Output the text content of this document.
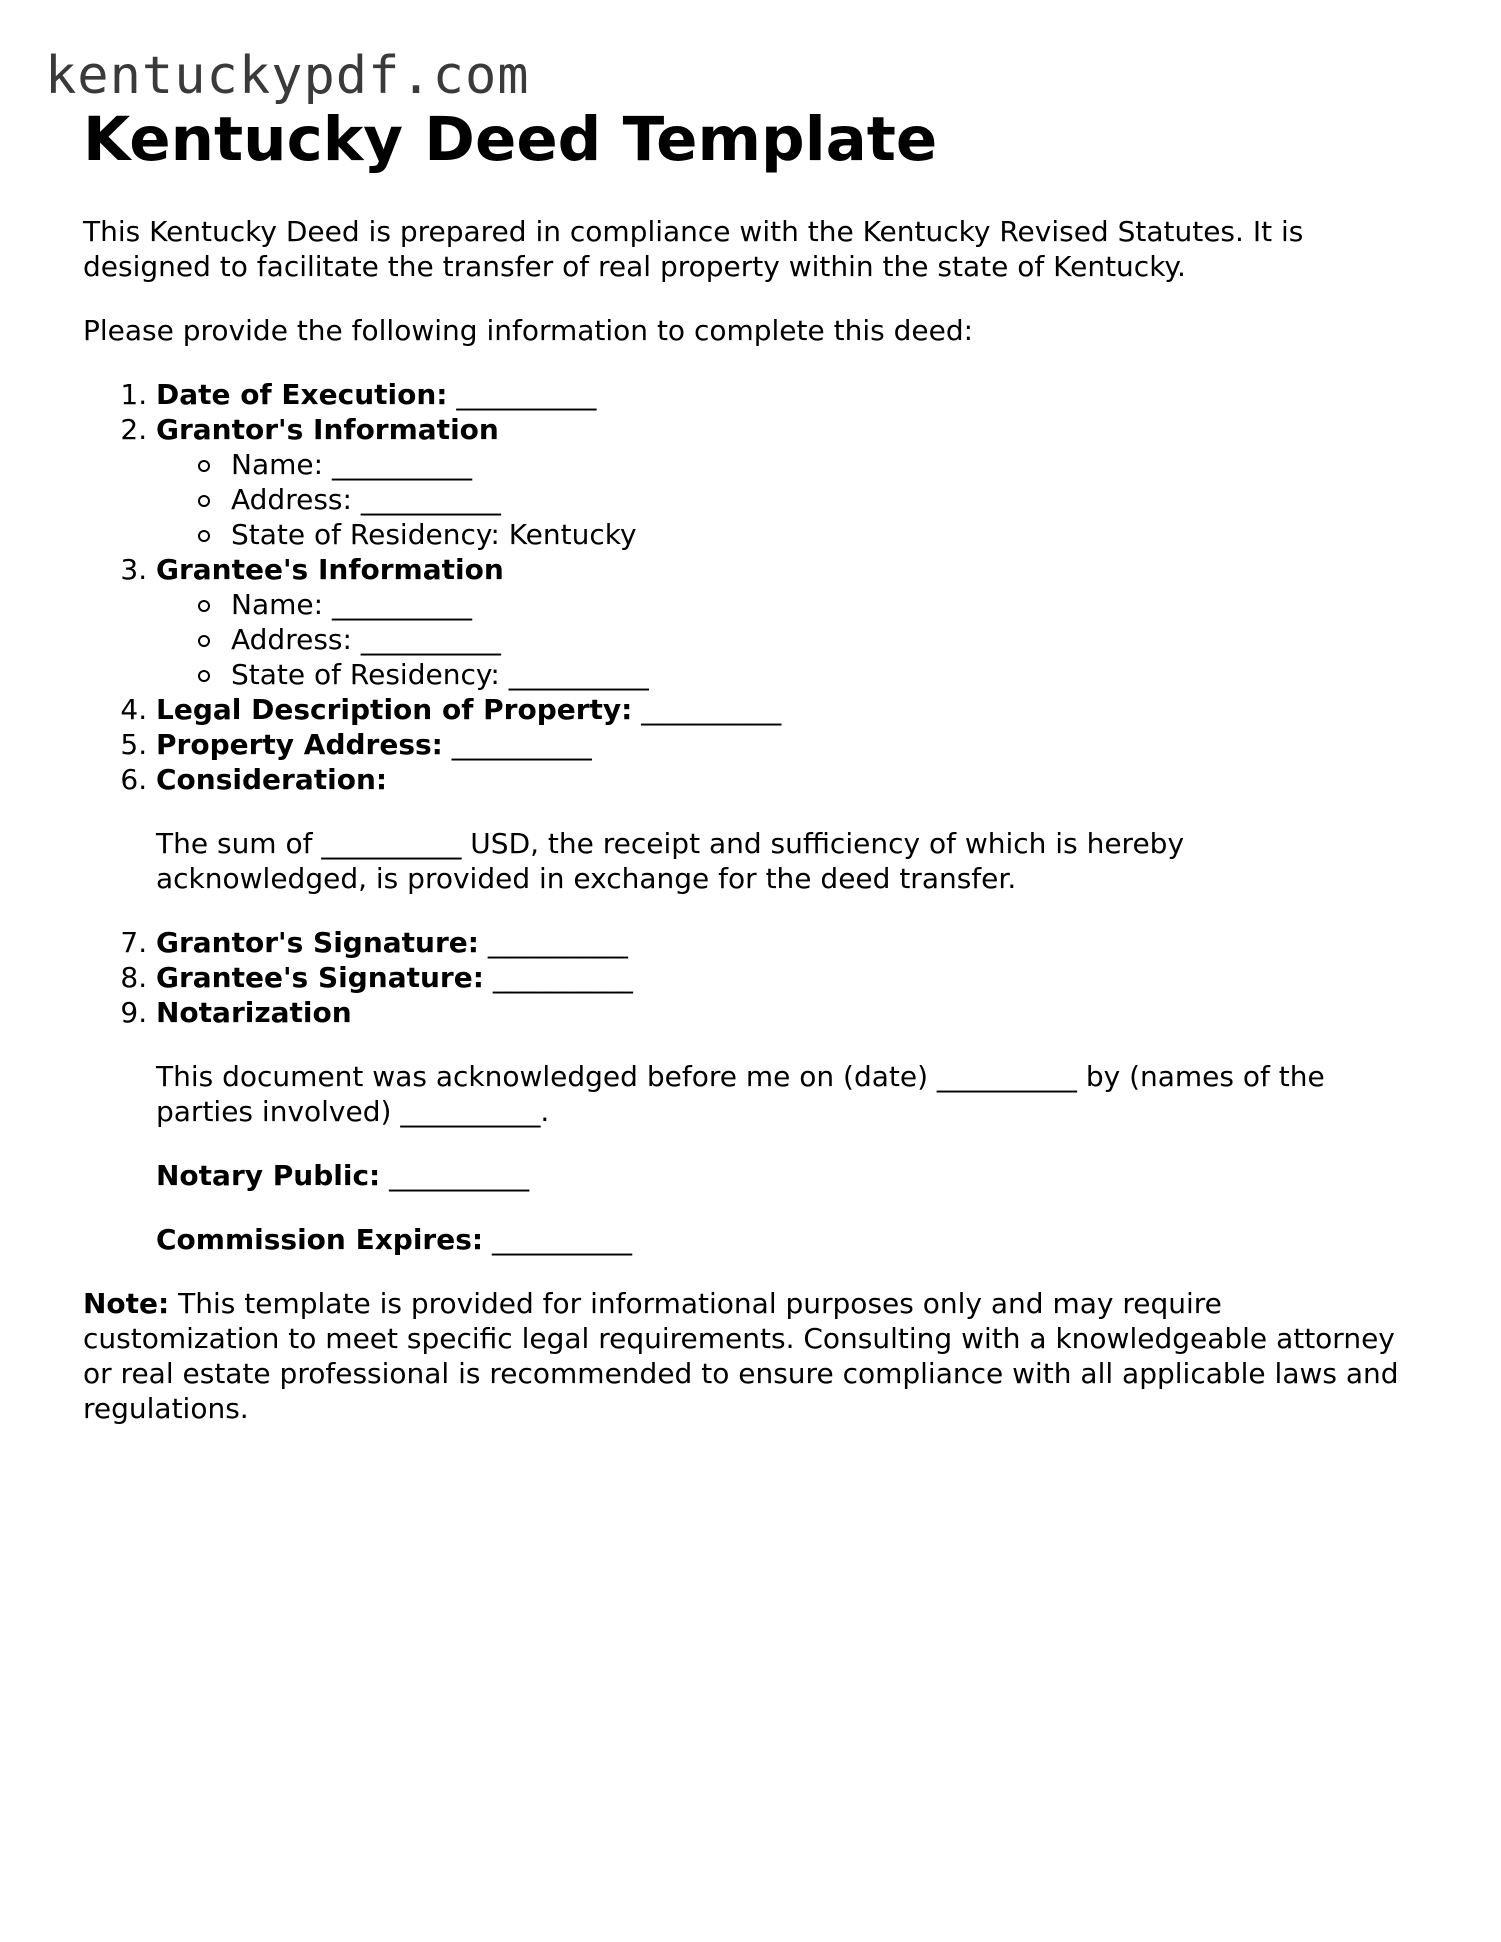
kentuckypdf.com
Kentucky Deed Template

This Kentucky Deed is prepared in compliance with the Kentucky Revised Statutes. It is designed to facilitate the transfer of real property within the state of Kentucky.

Please provide the following information to complete this deed:

1. Date of Execution: __________
2. Grantor's Information
Name: __________
Address: __________
State of Residency: Kentucky
3. Grantee's Information
Name: __________
Address: __________
State of Residency: __________
4. Legal Description of Property: __________
5. Property Address: __________
6. Consideration:

The sum of __________ USD, the receipt and sufficiency of which is hereby acknowledged, is provided in exchange for the deed transfer.

7. Grantor's Signature: __________
8. Grantee's Signature: __________
9. Notarization

This document was acknowledged before me on (date) __________ by (names of the parties involved) __________.

Notary Public: __________

Commission Expires: __________

Note: This template is provided for informational purposes only and may require customization to meet specific legal requirements. Consulting with a knowledgeable attorney or real estate professional is recommended to ensure compliance with all applicable laws and regulations.
